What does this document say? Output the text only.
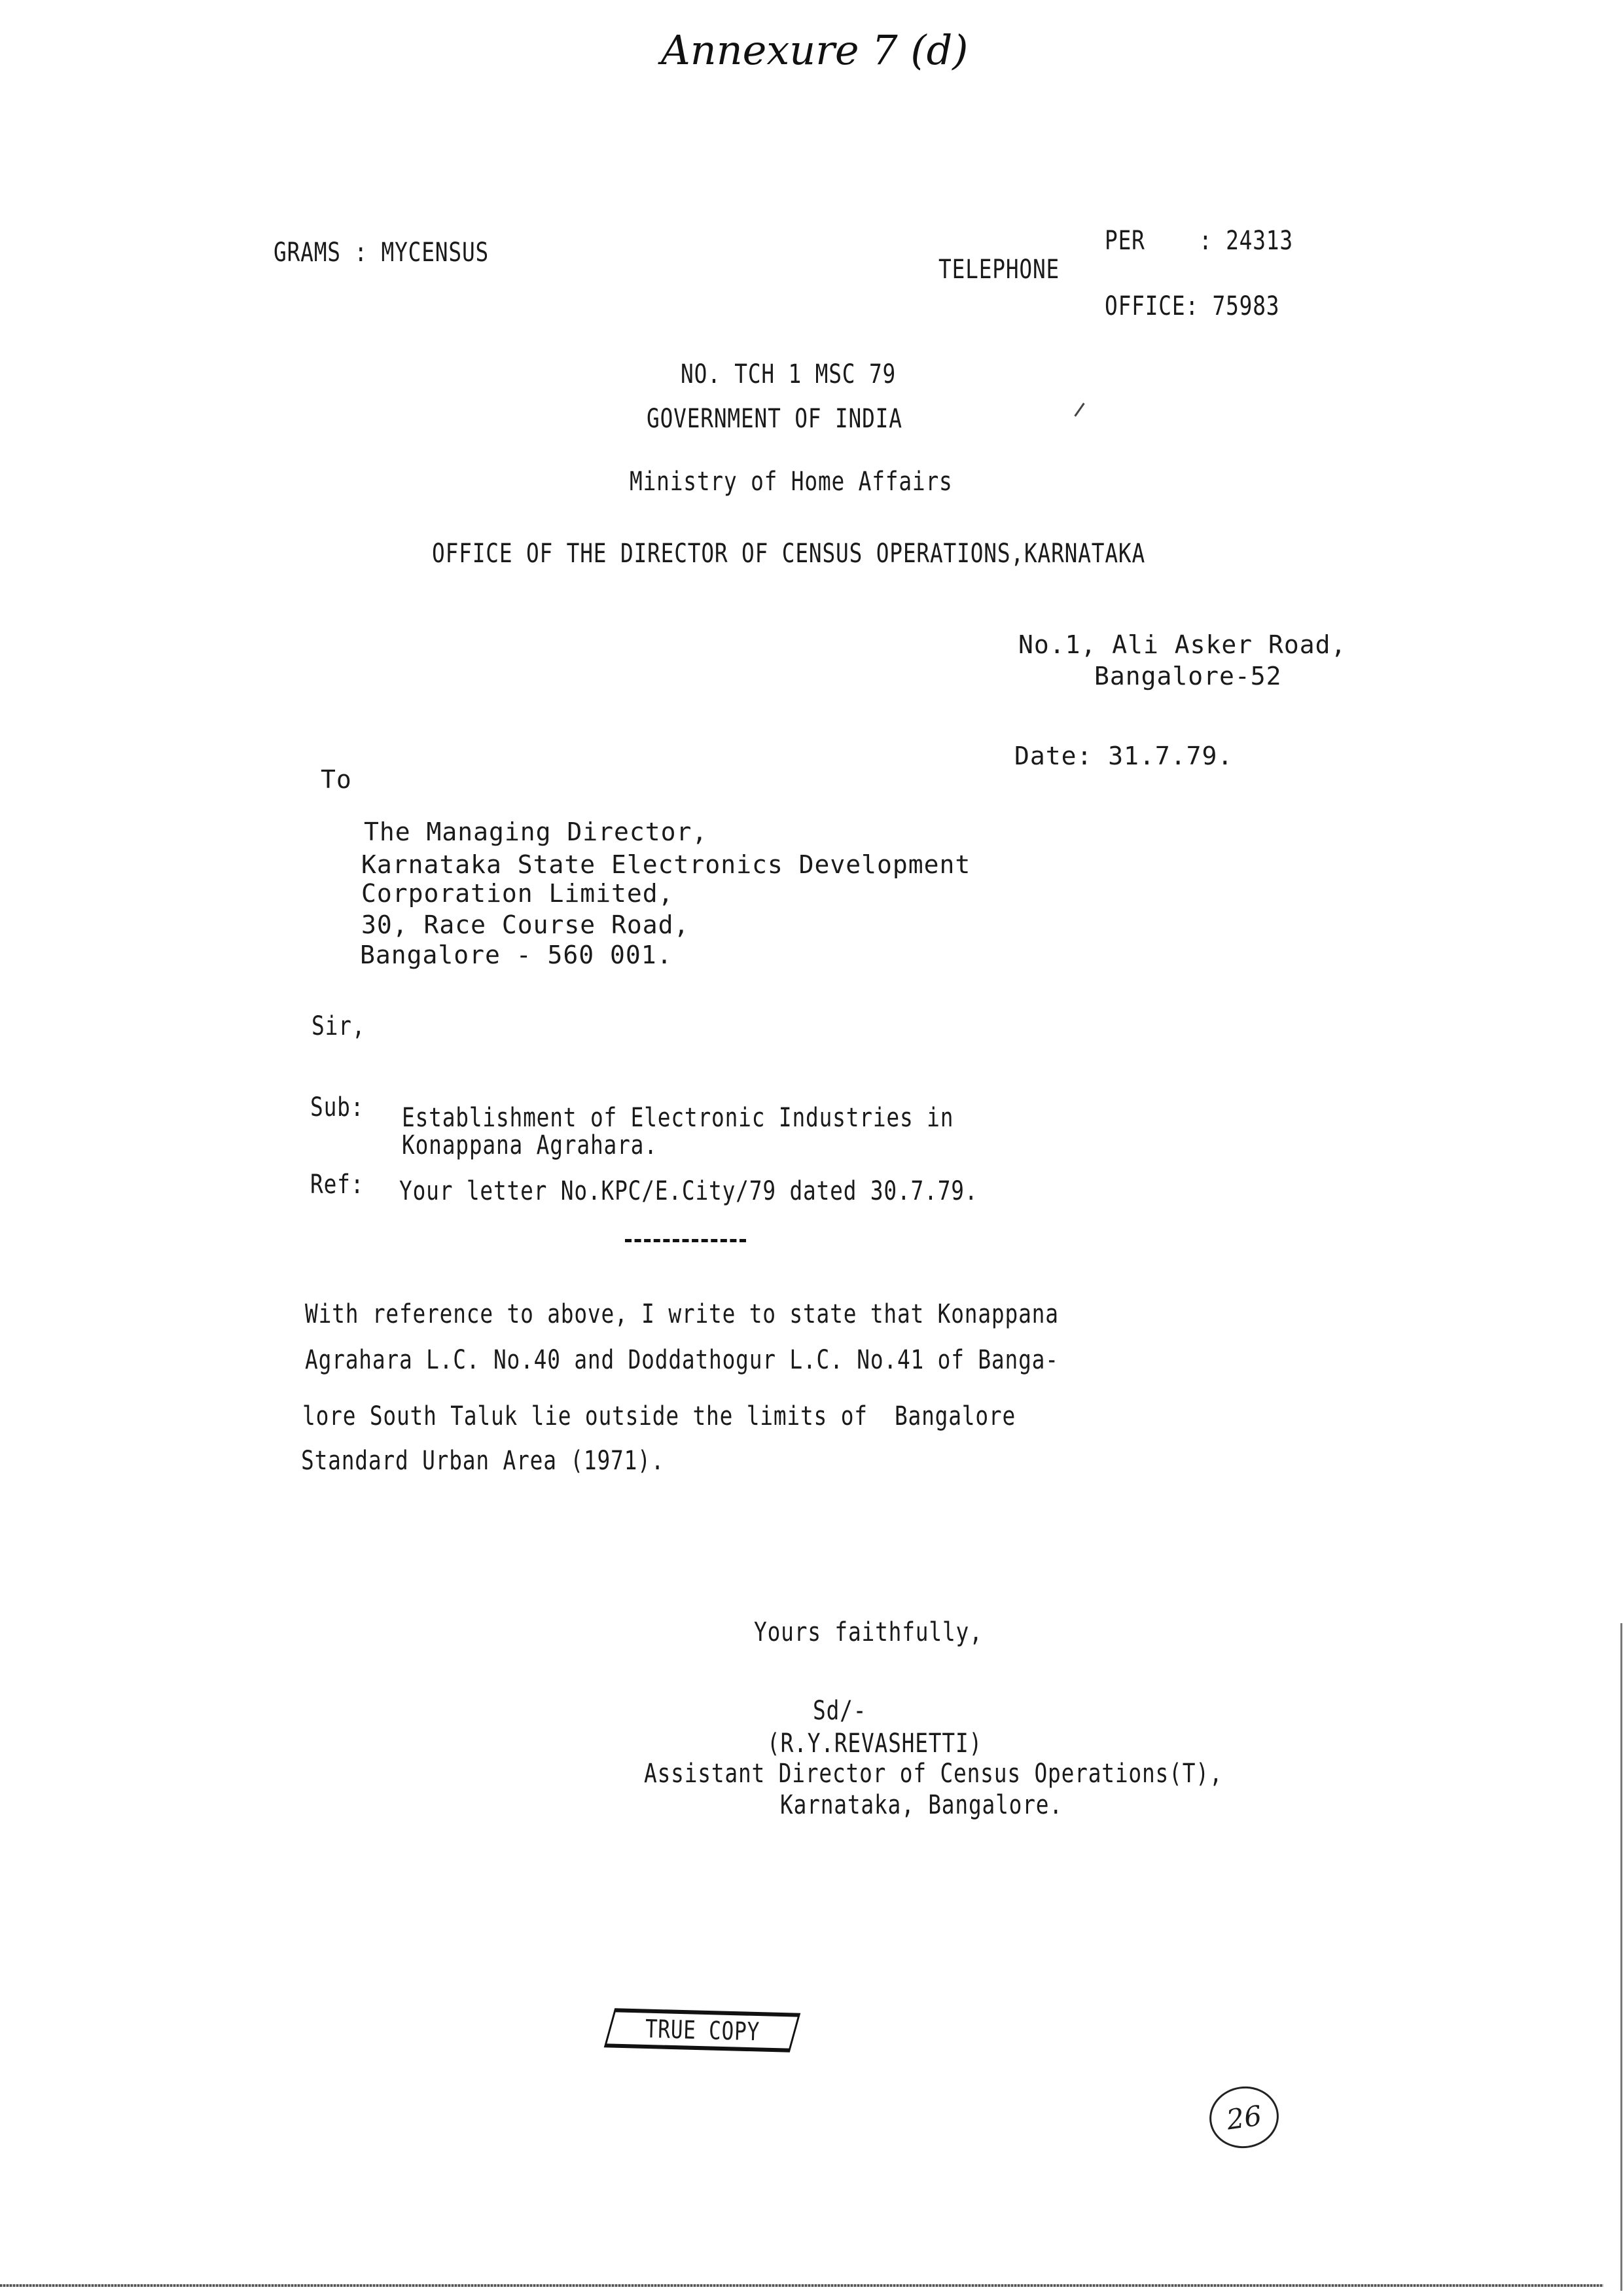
Annexure 7 (d)
GRAMS : MYCENSUS
TELEPHONE
PER    : 24313
OFFICE: 75983
NO. TCH 1 MSC 79
GOVERNMENT OF INDIA
Ministry of Home Affairs
OFFICE OF THE DIRECTOR OF CENSUS OPERATIONS,KARNATAKA
No.1, Ali Asker Road,
Bangalore-52
Date: 31.7.79.
To
The Managing Director,
Karnataka State Electronics Development
Corporation Limited,
30, Race Course Road,
Bangalore - 560 001.
Sir,
Sub: Establishment of Electronic Industries in
Konappana Agrahara.
Ref: Your letter No.KPC/E.City/79 dated 30.7.79.
With reference to above, I write to state that Konappana
Agrahara L.C. No.40 and Doddathogur L.C. No.41 of Banga-
lore South Taluk lie outside the limits of  Bangalore
Standard Urban Area (1971).
Yours faithfully,
Sd/-
(R.Y.REVASHETTI)
Assistant Director of Census Operations(T),
Karnataka, Bangalore.
TRUE COPY
26
